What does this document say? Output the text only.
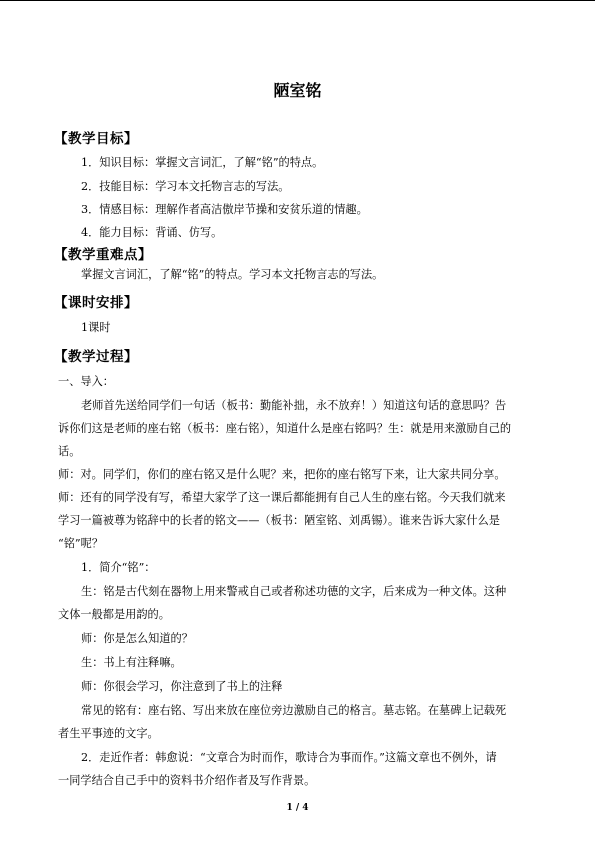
陋室铭
【教学目标】
1．知识目标：掌握文言词汇，了解“铭”的特点。
2．技能目标：学习本文托物言志的写法。
3．情感目标：理解作者高洁傲岸节操和安贫乐道的情趣。
4．能力目标：背诵、仿写。
【教学重难点】
掌握文言词汇，了解“铭”的特点。学习本文托物言志的写法。
【课时安排】
1课时
【教学过程】
一、导入：
老师首先送给同学们一句话（板书：勤能补拙，永不放弃！）知道这句话的意思吗？告
诉你们这是老师的座右铭（板书：座右铭），知道什么是座右铭吗？生：就是用来激励自己的
话。
师：对。同学们，你们的座右铭又是什么呢？来，把你的座右铭写下来，让大家共同分享。
师：还有的同学没有写，希望大家学了这一课后都能拥有自己人生的座右铭。今天我们就来
学习一篇被尊为铭辞中的长者的铭文——（板书：陋室铭、刘禹锡）。谁来告诉大家什么是
“铭”呢？
1．简介“铭”：
生：铭是古代刻在器物上用来警戒自己或者称述功德的文字，后来成为一种文体。这种
文体一般都是用韵的。
师：你是怎么知道的？
生：书上有注释嘛。
师：你很会学习，你注意到了书上的注释
常见的铭有：座右铭、写出来放在座位旁边激励自己的格言。墓志铭。在墓碑上记载死
者生平事迹的文字。
2．走近作者：韩愈说：“文章合为时而作，歌诗合为事而作。”这篇文章也不例外，请
一同学结合自己手中的资料书介绍作者及写作背景。
1 / 4
